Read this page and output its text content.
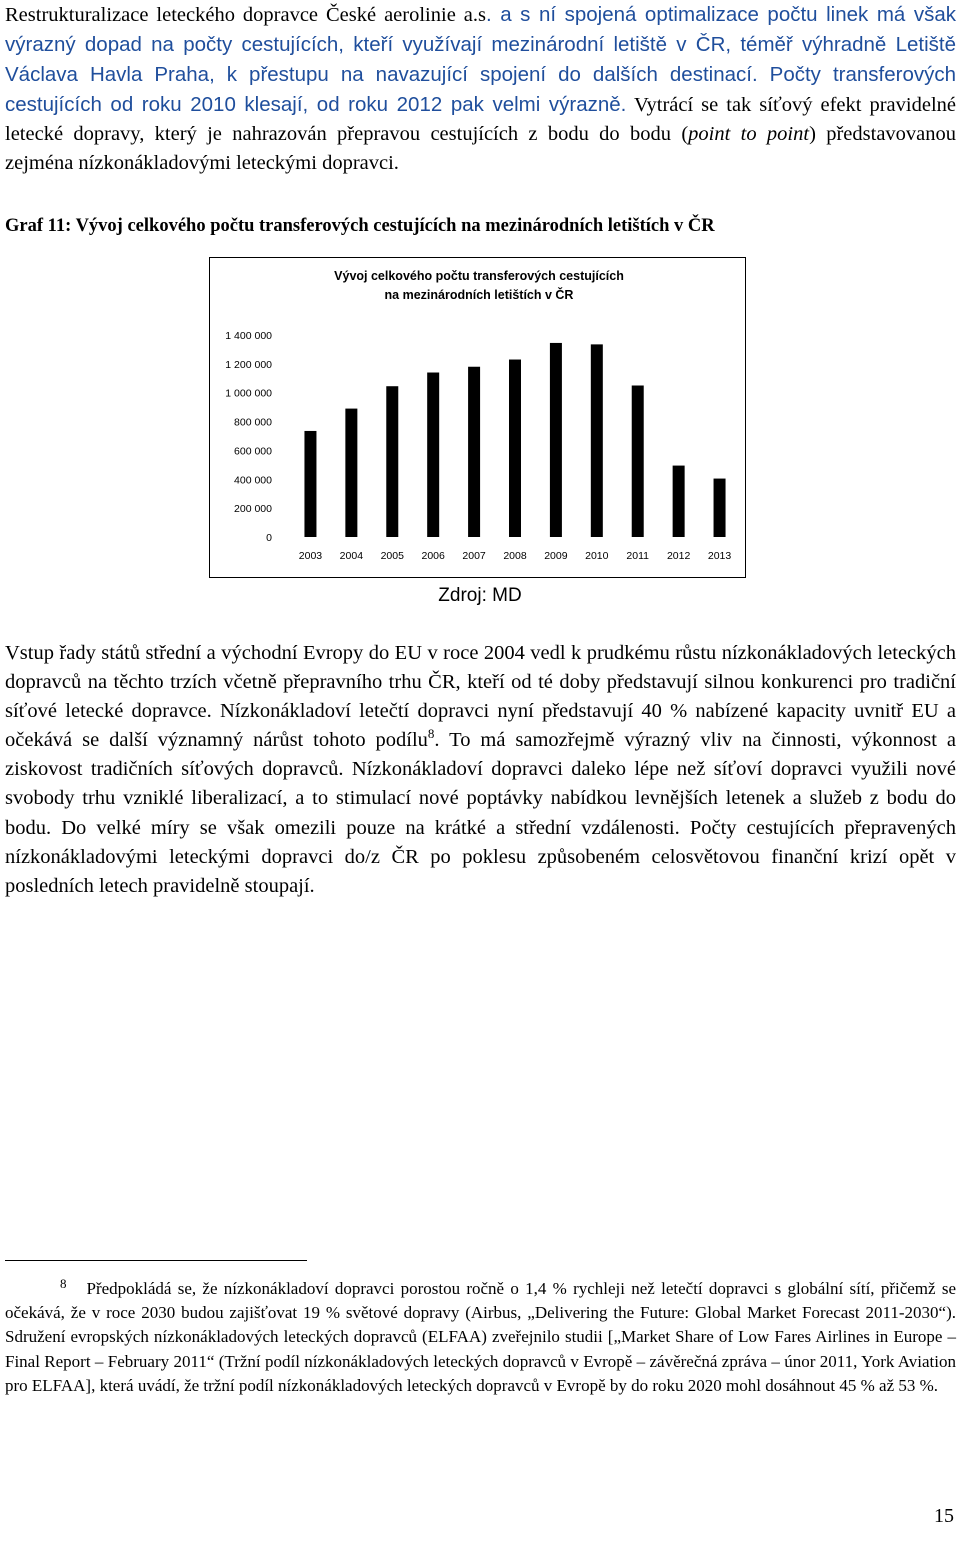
Restrukturalizace leteckého dopravce České aerolinie a.s. a s ní spojená optimalizace počtu linek má však výrazný dopad na počty cestujících, kteří využívají mezinárodní letiště v ČR, téměř výhradně Letiště Václava Havla Praha, k přestupu na navazující spojení do dalších destinací. Počty transferových cestujících od roku 2010 klesají, od roku 2012 pak velmi výrazně. Vytrácí se tak síťový efekt pravidelné letecké dopravy, který je nahrazován přepravou cestujících z bodu do bodu (point to point) představovanou zejména nízkonákladovými leteckými dopravci.

Graf 11: Vývoj celkového počtu transferových cestujících na mezinárodních letištích v ČR

Vývoj celkového počtu transferových cestujících
na mezinárodních letištích v ČR
0
200 000
400 000
600 000
800 000
1 000 000
1 200 000
1 400 000
2003 2004 2005 2006 2007 2008 2009 2010 2011 2012 2013
Zdroj: MD

Vstup řady států střední a východní Evropy do EU v roce 2004 vedl k prudkému růstu nízkonákladových leteckých dopravců na těchto trzích včetně přepravního trhu ČR, kteří od té doby představují silnou konkurenci pro tradiční síťové letecké dopravce. Nízkonákladoví letečtí dopravci nyní představují 40 % nabízené kapacity uvnitř EU a očekává se další významný nárůst tohoto podílu$^8$. To má samozřejmě výrazný vliv na činnosti, výkonnost a ziskovost tradičních síťových dopravců. Nízkonákladoví dopravci daleko lépe než síťoví dopravci využili nové svobody trhu vzniklé liberalizací, a to stimulací nové poptávky nabídkou levnějších letenek a služeb z bodu do bodu. Do velké míry se však omezili pouze na krátké a střední vzdálenosti. Počty cestujících přepravených nízkonákladovými leteckými dopravci do/z ČR po poklesu způsobeném celosvětovou finanční krizí opět v posledních letech pravidelně stoupají.

$^8$ Předpokládá se, že nízkonákladoví dopravci porostou ročně o 1,4 % rychleji než letečtí dopravci s globální sítí, přičemž se očekává, že v roce 2030 budou zajišťovat 19 % světové dopravy (Airbus, „Delivering the Future: Global Market Forecast 2011-2030“). Sdružení evropských nízkonákladových leteckých dopravců (ELFAA) zveřejnilo studii [„Market Share of Low Fares Airlines in Europe – Final Report – February 2011“ (Tržní podíl nízkonákladových leteckých dopravců v Evropě – závěrečná zpráva – únor 2011, York Aviation pro ELFAA], která uvádí, že tržní podíl nízkonákladových leteckých dopravců v Evropě by do roku 2020 mohl dosáhnout 45 % až 53 %.

15
